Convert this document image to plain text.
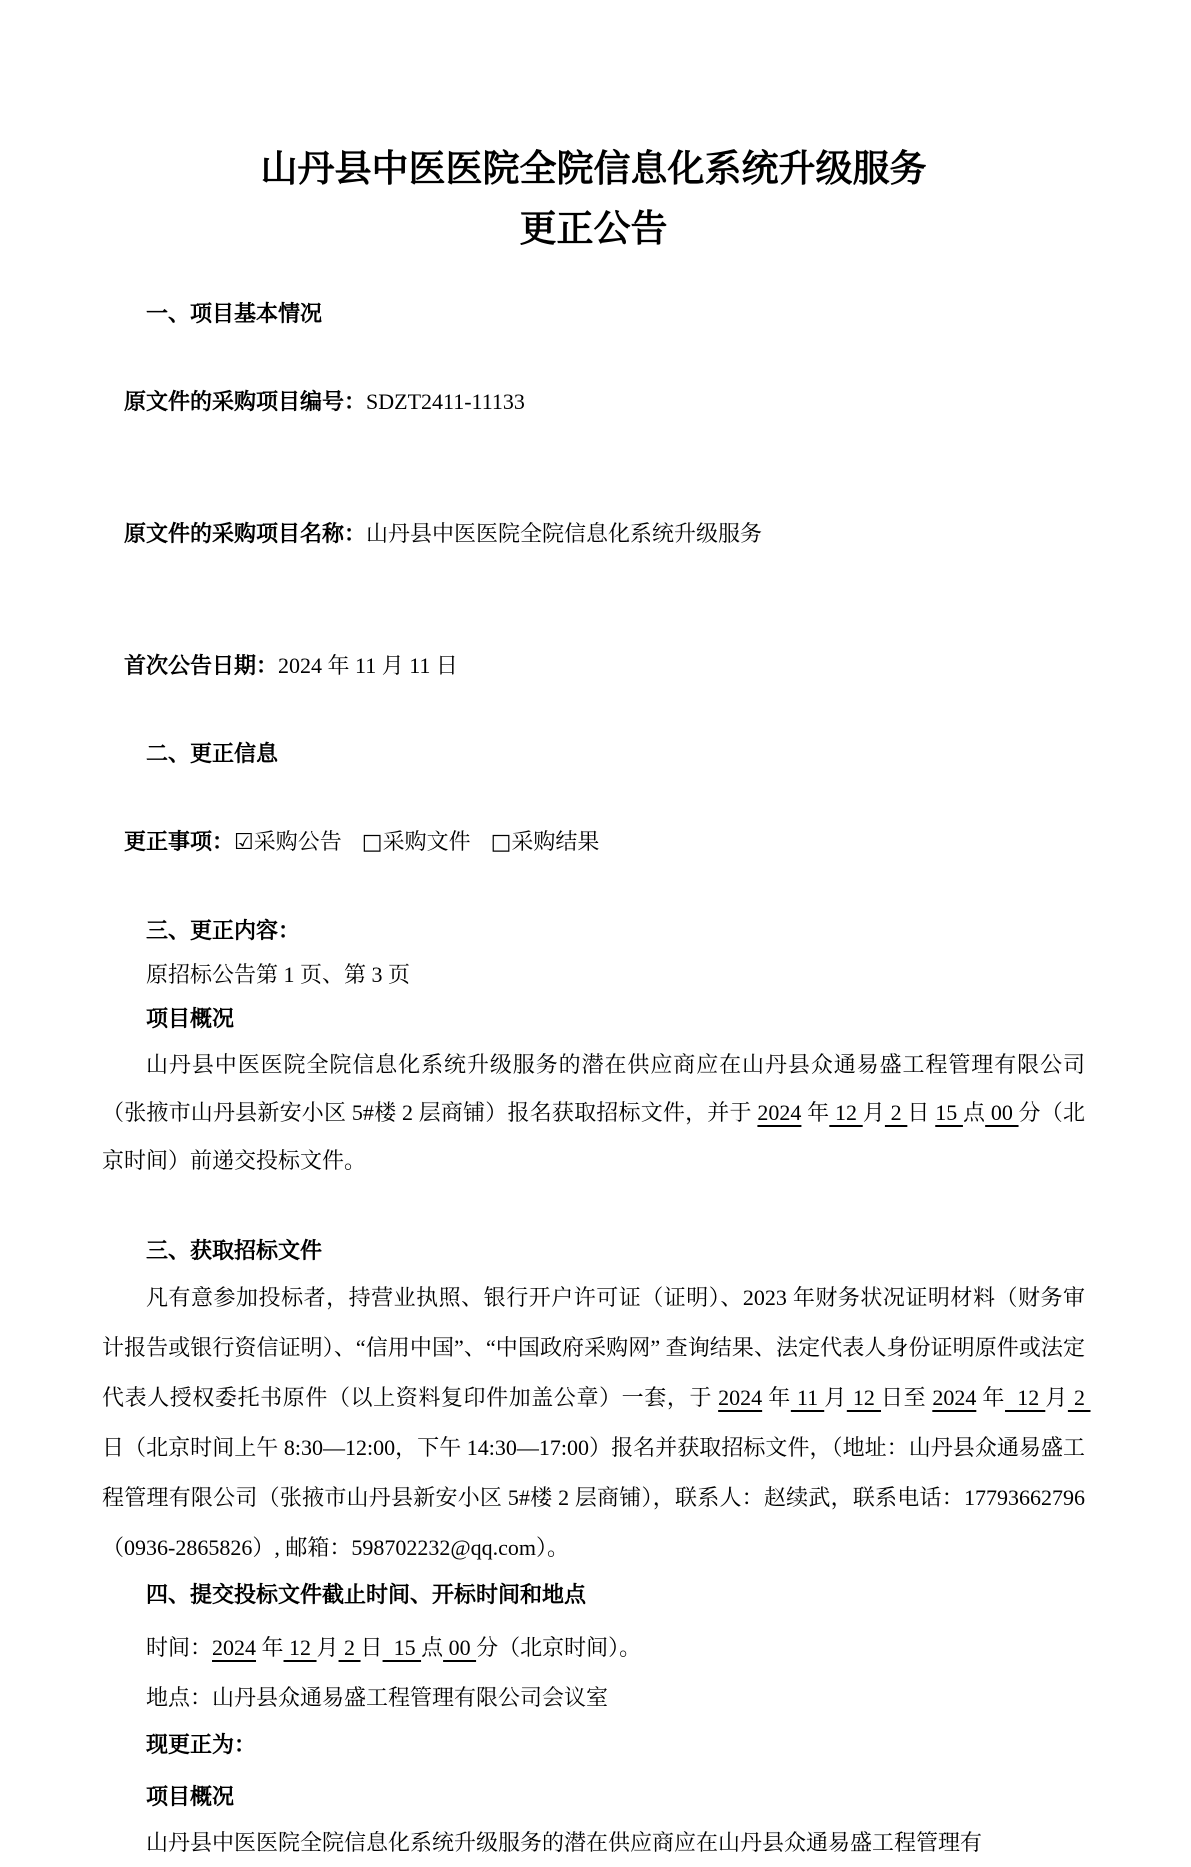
山丹县中医医院全院信息化系统升级服务
更正公告
一、项目基本情况

原文件的采购项目编号：SDZT2411-11133

原文件的采购项目名称：山丹县中医医院全院信息化系统升级服务

首次公告日期：2024 年 11 月 11 日

二、更正信息

更正事项：☑采购公告 □采购文件 □采购结果

三、更正内容：
原招标公告第 1 页、第 3 页
项目概况
山丹县中医医院全院信息化系统升级服务的潜在供应商应在山丹县众通易盛工程管理有限公司（张掖市山丹县新安小区 5#楼 2 层商铺）报名获取招标文件，并于 2024 年 12 月 2 日 15 点 00 分（北京时间）前递交投标文件。
三、获取招标文件
凡有意参加投标者，持营业执照、银行开户许可证（证明）、2023 年财务状况证明材料（财务审计报告或银行资信证明）、“信用中国”、“中国政府采购网” 查询结果、法定代表人身份证明原件或法定代表人授权委托书原件（以上资料复印件加盖公章）一套，于 2024 年 11 月 12 日至 2024 年  12 月 2 日（北京时间上午 8:30—12:00，下午 14:30—17:00）报名并获取招标文件，（地址：山丹县众通易盛工程管理有限公司（张掖市山丹县新安小区 5#楼 2 层商铺），联系人：赵续武，联系电话：17793662796（0936-2865826）, 邮箱：598702232@qq.com）。
四、提交投标文件截止时间、开标时间和地点
时间：2024 年 12 月 2 日  15 点 00 分（北京时间）。
地点：山丹县众通易盛工程管理有限公司会议室
现更正为：
项目概况
山丹县中医医院全院信息化系统升级服务的潜在供应商应在山丹县众通易盛工程管理有
